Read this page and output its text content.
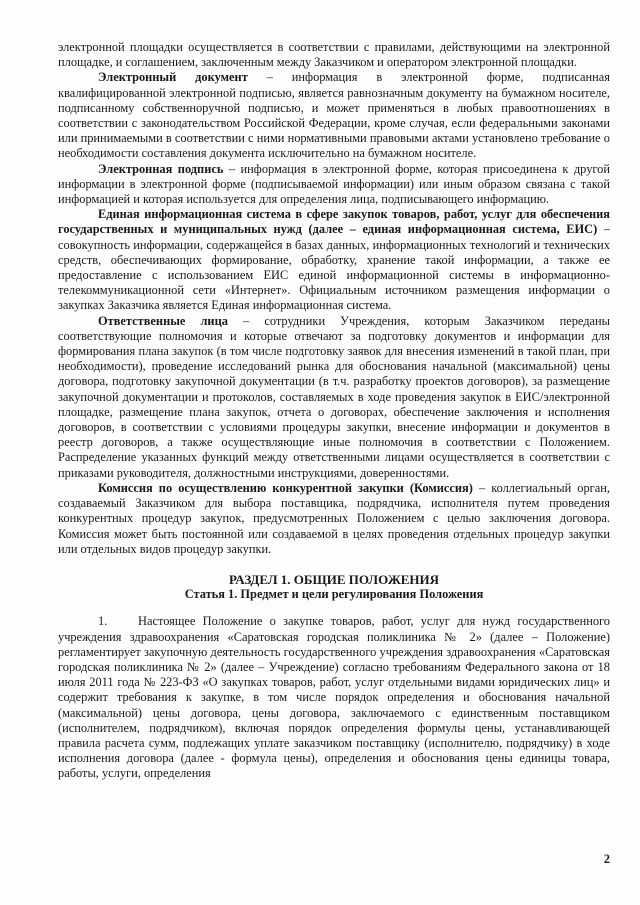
электронной площадки осуществляется в соответствии с правилами, действующими на электронной площадке, и соглашением, заключенным между Заказчиком и оператором электронной площадки.

Электронный документ – информация в электронной форме, подписанная квалифицированной электронной подписью, является равнозначным документу на бумажном носителе, подписанному собственноручной подписью, и может применяться в любых правоотношениях в соответствии с законодательством Российской Федерации, кроме случая, если федеральными законами или принимаемыми в соответствии с ними нормативными правовыми актами установлено требование о необходимости составления документа исключительно на бумажном носителе.

Электронная подпись – информация в электронной форме, которая присоединена к другой информации в электронной форме (подписываемой информации) или иным образом связана с такой информацией и которая используется для определения лица, подписывающего информацию.

Единая информационная система в сфере закупок товаров, работ, услуг для обеспечения государственных и муниципальных нужд (далее – единая информационная система, ЕИС) – совокупность информации, содержащейся в базах данных, информационных технологий и технических средств, обеспечивающих формирование, обработку, хранение такой информации, а также ее предоставление с использованием ЕИС единой информационной системы в информационно-телекоммуникационной сети «Интернет». Официальным источником размещения информации о закупках Заказчика является Единая информационная система.

Ответственные лица – сотрудники Учреждения, которым Заказчиком переданы соответствующие полномочия и которые отвечают за подготовку документов и информации для формирования плана закупок (в том числе подготовку заявок для внесения изменений в такой план, при необходимости), проведение исследований рынка для обоснования начальной (максимальной) цены договора, подготовку закупочной документации (в т.ч. разработку проектов договоров), за размещение закупочной документации и протоколов, составляемых в ходе проведения закупок в ЕИС/электронной площадке, размещение плана закупок, отчета о договорах, обеспечение заключения и исполнения договоров, в соответствии с условиями процедуры закупки, внесение информации и документов в реестр договоров, а также осуществляющие иные полномочия в соответствии с Положением. Распределение указанных функций между ответственными лицами осуществляется в соответствии с приказами руководителя, должностными инструкциями, доверенностями.

Комиссия по осуществлению конкурентной закупки (Комиссия) – коллегиальный орган, создаваемый Заказчиком для выбора поставщика, подрядчика, исполнителя путем проведения конкурентных процедур закупок, предусмотренных Положением с целью заключения договора. Комиссия может быть постоянной или создаваемой в целях проведения отдельных процедур закупки или отдельных видов процедур закупки.

РАЗДЕЛ 1. ОБЩИЕ ПОЛОЖЕНИЯ
Статья 1. Предмет и цели регулирования Положения

1. Настоящее Положение о закупке товаров, работ, услуг для нужд государственного учреждения здравоохранения «Саратовская городская поликлиника № 2» (далее – Положение) регламентирует закупочную деятельность государственного учреждения здравоохранения «Саратовская городская поликлиника № 2» (далее – Учреждение) согласно требованиям Федерального закона от 18 июля 2011 года № 223-ФЗ «О закупках товаров, работ, услуг отдельными видами юридических лиц» и содержит требования к закупке, в том числе порядок определения и обоснования начальной (максимальной) цены договора, цены договора, заключаемого с единственным поставщиком (исполнителем, подрядчиком), включая порядок определения формулы цены, устанавливающей правила расчета сумм, подлежащих уплате заказчиком поставщику (исполнителю, подрядчику) в ходе исполнения договора (далее - формула цены), определения и обоснования цены единицы товара, работы, услуги, определения

2
